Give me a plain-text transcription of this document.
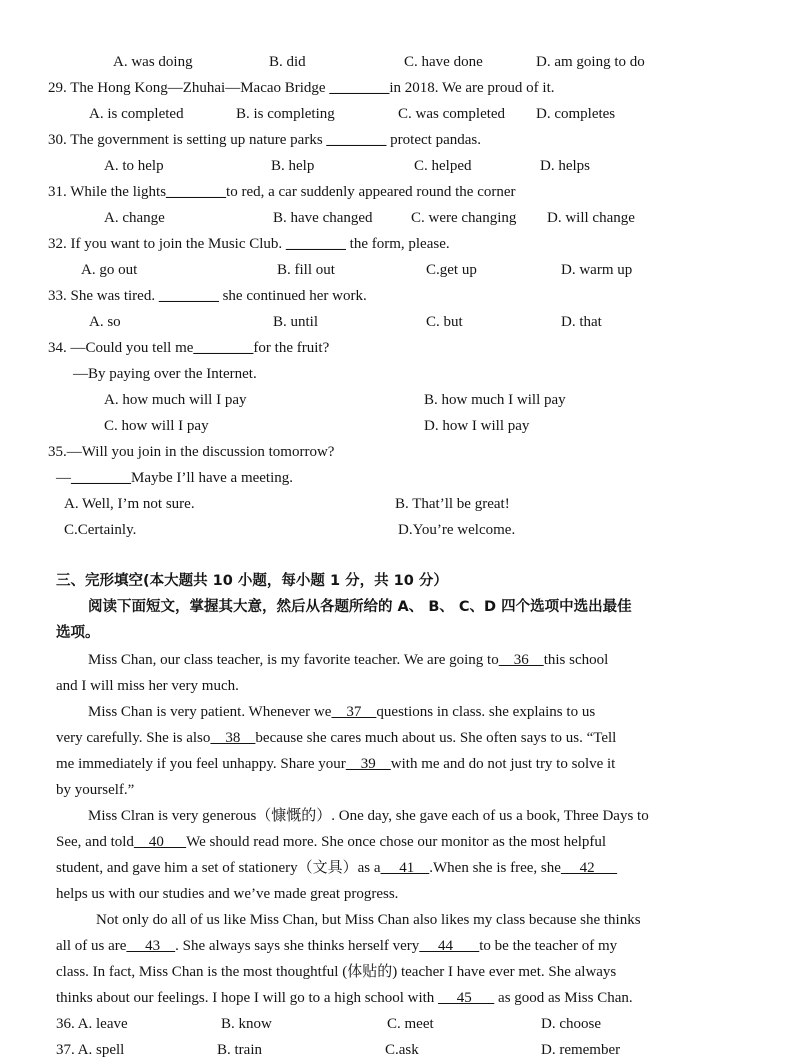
A. was doing	B. did	C. have done	D. am going to do
29. The Hong Kong—Zhuhai—Macao Bridge ________in 2018. We are proud of it.
A. is completed	B. is completing	C. was completed D. completes
30. The government is setting up nature parks ________ protect pandas.
A. to help	B. help	C. helped	D. helps
31. While the lights________to red, a car suddenly appeared round the corner
A. change	B. have changed	C. were changing D. will change
32. If you want to join the Music Club. ________ the form, please.
A. go out	B. fill out	C.get up	D. warm up
33. She was tired. ________ she continued her work.
A. so	B. until	C. but	D. that
34. —Could you tell me________for the fruit?
—By paying over the Internet.
A. how much will I pay	B. how much I will pay
C. how will I pay	D. how I will pay
35.—Will you join in the discussion tomorrow?
—________Maybe I’ll have a meeting.
A. Well, I’m not sure.	B. That’ll be great!
C.Certainly.	D.You’re welcome.
三、完形填空(本大题共 10 小题，每小题 1 分，共 10 分）
阅读下面短文，掌握其大意，然后从各题所给的 A、 B、 C、D 四个选项中选出最佳
选项。
Miss Chan, our class teacher, is my favorite teacher. We are going to    36    this school
and I will miss her very much.
Miss Chan is very patient. Whenever we    37    questions in class. she explains to us
very carefully. She is also    38    because she cares much about us. She often says to us. “Tell
me immediately if you feel unhappy. Share your    39    with me and do not just try to solve it
by yourself.”
Miss Clran is very generous（慷慨的）. One day, she gave each of us a book, Three Days to
See, and told    40      We should read more. She once chose our monitor as the most helpful
student, and gave him a set of stationery（文具）as a     41    .When she is free, she     42
helps us with our studies and we’ve made great progress.
Not only do all of us like Miss Chan, but Miss Chan also likes my class because she thinks
all of us are     43    . She always says she thinks herself very     44       to be the teacher of my
class. In fact, Miss Chan is the most thoughtful (体贴的) teacher I have ever met. She always
thinks about our feelings. I hope I will go to a high school with      45       as good as Miss Chan.
36. A. leave	B. know	C. meet	D. choose
37. A. spell	B. train	C.ask	D. remember
